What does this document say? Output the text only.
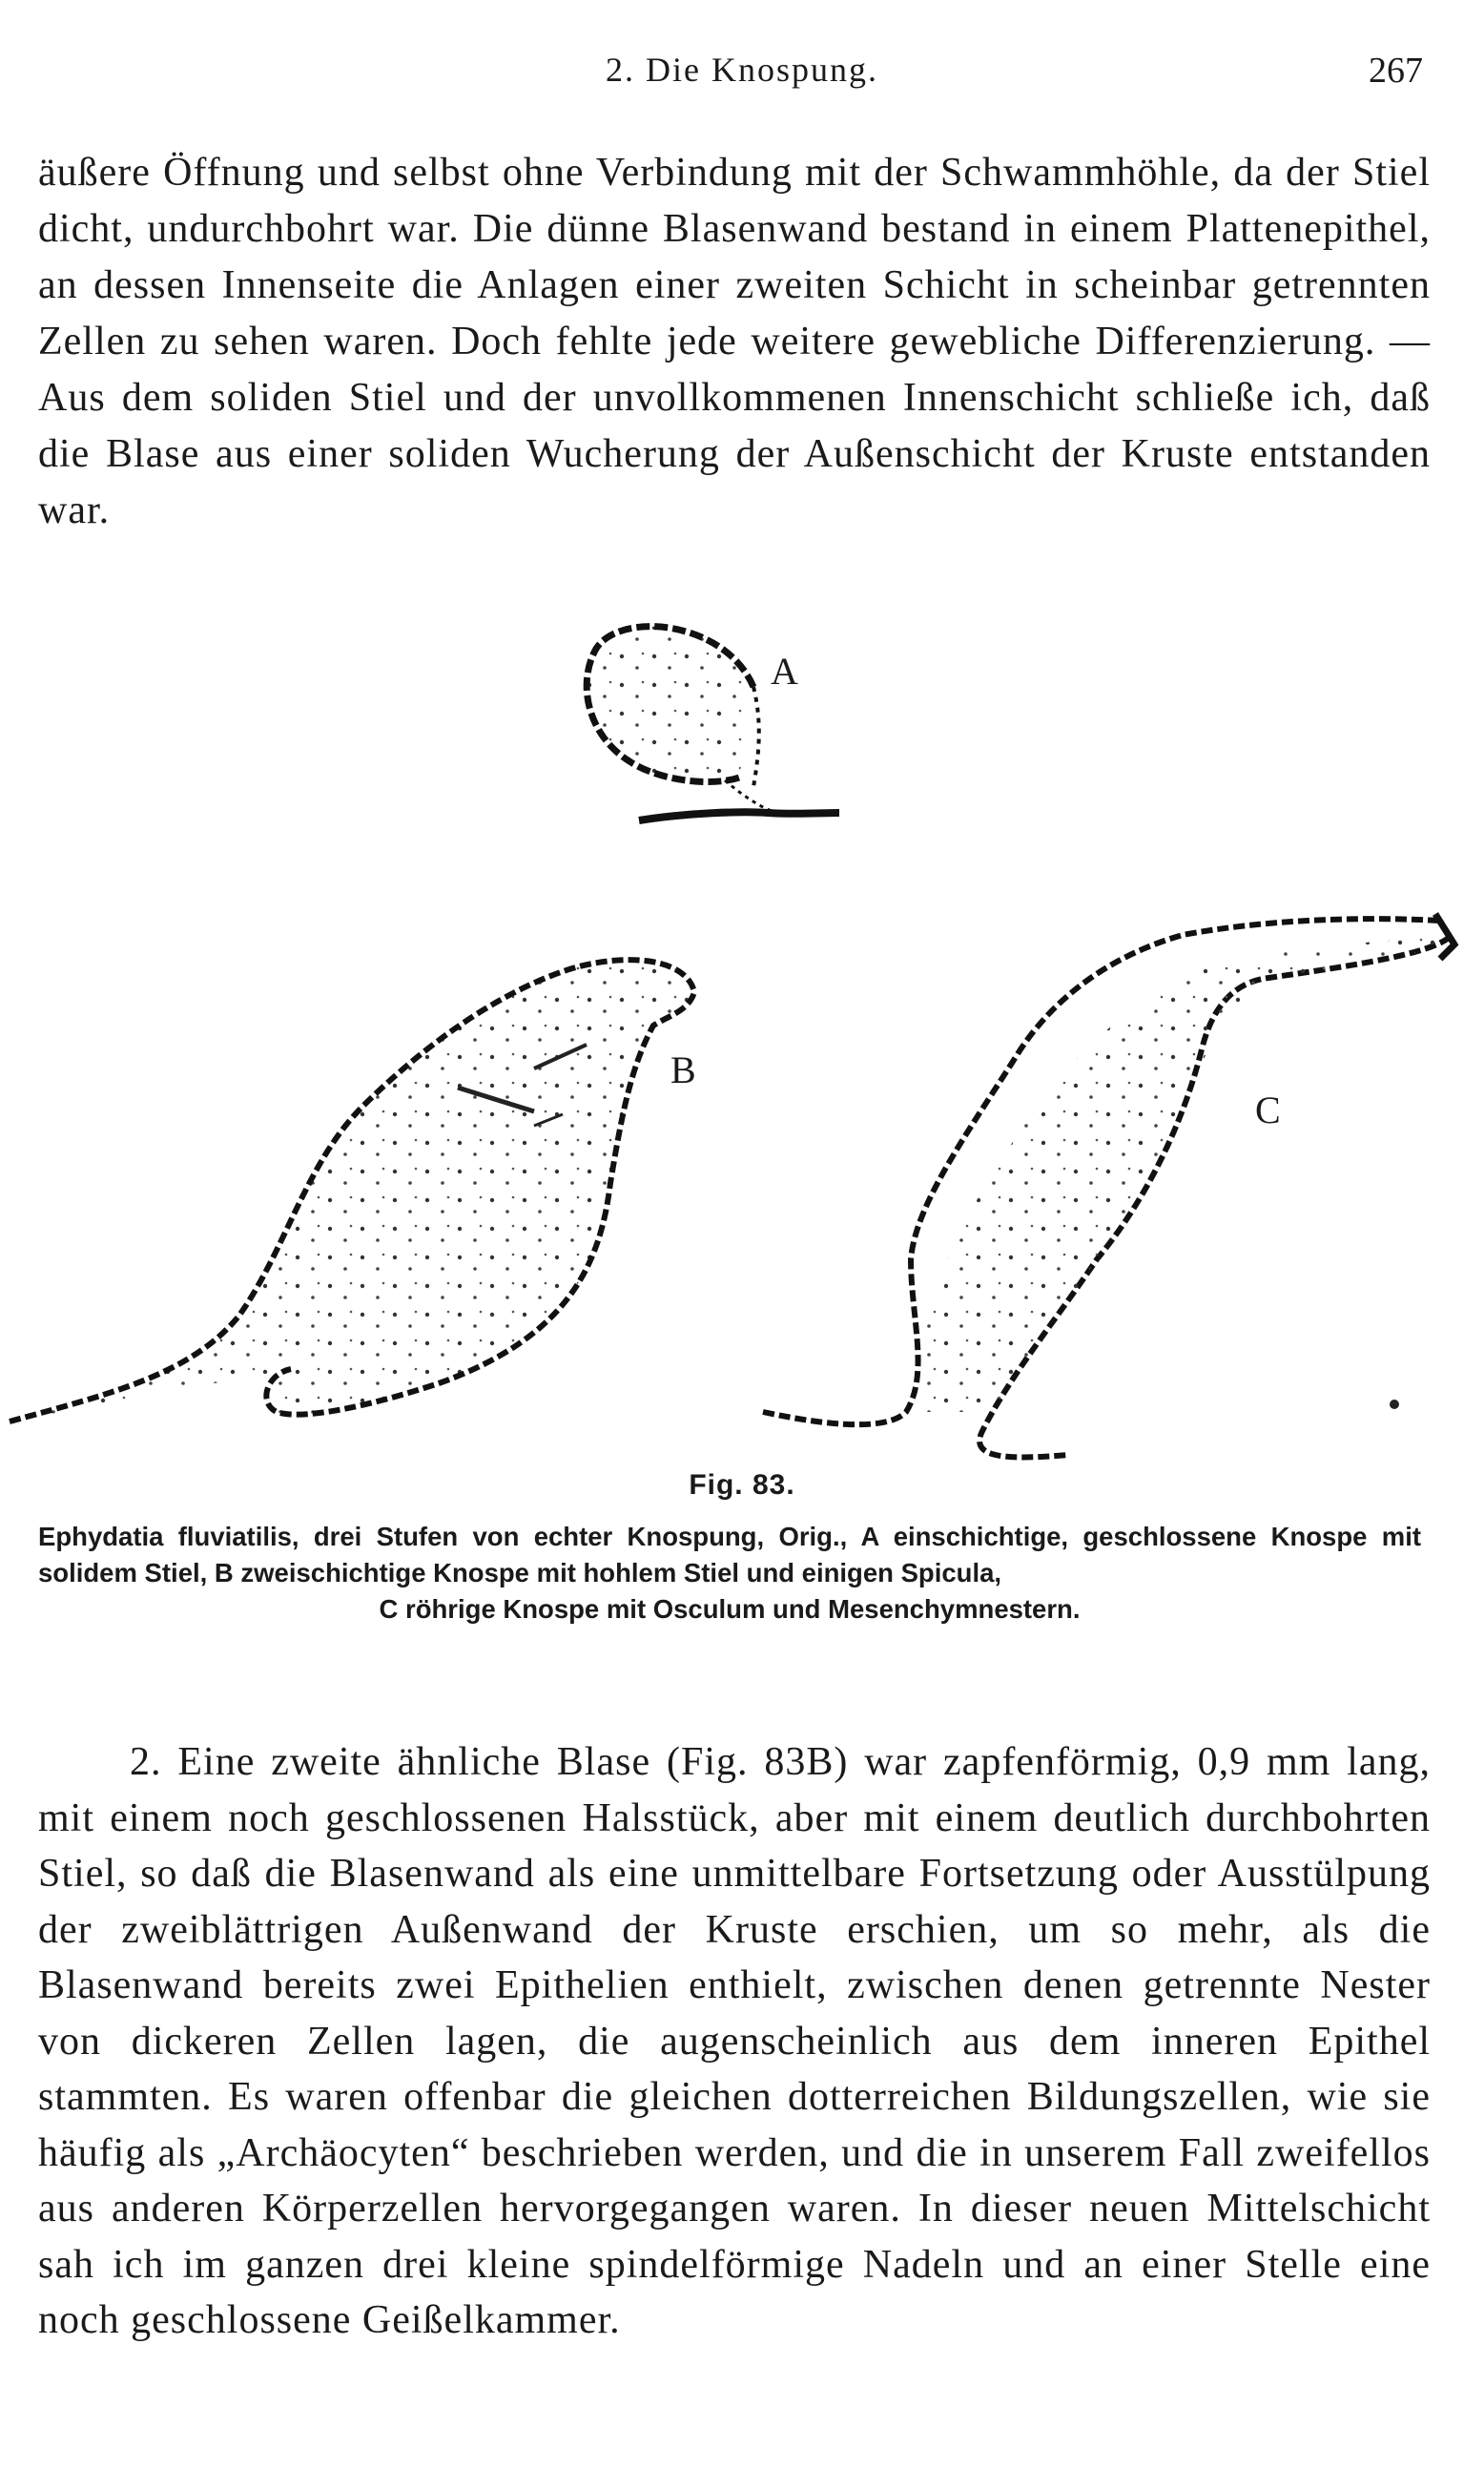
2. Die Knospung.	267

äußere Öffnung und selbst ohne Verbindung mit der Schwammhöhle, da der Stiel dicht, undurchbohrt war. Die dünne Blasenwand bestand in einem Plattenepithel, an dessen Innenseite die Anlagen einer zweiten Schicht in scheinbar getrennten Zellen zu sehen waren. Doch fehlte jede weitere gewebliche Differenzierung. — Aus dem soliden Stiel und der unvollkommenen Innenschicht schließe ich, daß die Blase aus einer soliden Wucherung der Außenschicht der Kruste entstanden war.

A
B
C
Fig. 83.
Ephydatia fluviatilis, drei Stufen von echter Knospung, Orig., A einschichtige, geschlossene Knospe mit solidem Stiel, B zweischichtige Knospe mit hohlem Stiel und einigen Spicula,
C röhrige Knospe mit Osculum und Mesenchymnestern.

2. Eine zweite ähnliche Blase (Fig. 83B) war zapfenförmig, 0,9 mm lang, mit einem noch geschlossenen Halsstück, aber mit einem deutlich durchbohrten Stiel, so daß die Blasenwand als eine unmittelbare Fortsetzung oder Ausstülpung der zweiblättrigen Außenwand der Kruste erschien, um so mehr, als die Blasenwand bereits zwei Epithelien enthielt, zwischen denen getrennte Nester von dickeren Zellen lagen, die augenscheinlich aus dem inneren Epithel stammten. Es waren offenbar die gleichen dotterreichen Bildungszellen, wie sie häufig als „Archäocyten“ beschrieben werden, und die in unserem Fall zweifellos aus anderen Körperzellen hervorgegangen waren. In dieser neuen Mittelschicht sah ich im ganzen drei kleine spindelförmige Nadeln und an einer Stelle eine noch geschlossene Geißelkammer.
